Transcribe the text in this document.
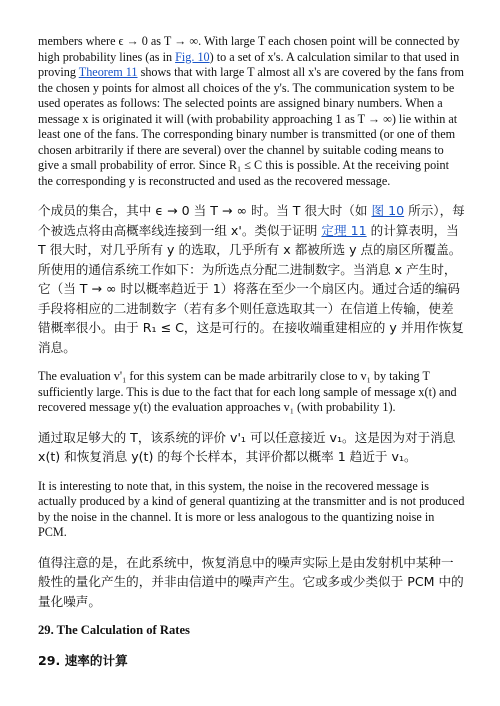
members where ϵ → 0 as T → ∞. With large T each chosen point will be connected by high probability lines (as in Fig. 10) to a set of x's. A calculation similar to that used in proving Theorem 11 shows that with large T almost all x's are covered by the fans from the chosen y points for almost all choices of the y's. The communication system to be used operates as follows: The selected points are assigned binary numbers. When a message x is originated it will (with probability approaching 1 as T → ∞) lie within at least one of the fans. The corresponding binary number is transmitted (or one of them chosen arbitrarily if there are several) over the channel by suitable coding means to give a small probability of error. Since R₁ ≤ C this is possible. At the receiving point the corresponding y is reconstructed and used as the recovered message.

个成员的集合，其中 ϵ → 0 当 T → ∞ 时。当 T 很大时（如 图 10 所示），每个被选点将由高概率线连接到一组 x'。类似于证明 定理 11 的计算表明，当 T 很大时，对几乎所有 y 的选取，几乎所有 x 都被所选 y 点的扇区所覆盖。所使用的通信系统工作如下：为所选点分配二进制数字。当消息 x 产生时，它（当 T → ∞ 时以概率趋近于 1）将落在至少一个扇区内。通过合适的编码手段将相应的二进制数字（若有多个则任意选取其一）在信道上传输，使差错概率很小。由于 R₁ ≤ C，这是可行的。在接收端重建相应的 y 并用作恢复消息。

The evaluation v'₁ for this system can be made arbitrarily close to v₁ by taking T sufficiently large. This is due to the fact that for each long sample of message x(t) and recovered message y(t) the evaluation approaches v₁ (with probability 1).

通过取足够大的 T，该系统的评价 v'₁ 可以任意接近 v₁。这是因为对于消息 x(t) 和恢复消息 y(t) 的每个长样本，其评价都以概率 1 趋近于 v₁。

It is interesting to note that, in this system, the noise in the recovered message is actually produced by a kind of general quantizing at the transmitter and is not produced by the noise in the channel. It is more or less analogous to the quantizing noise in PCM.

值得注意的是，在此系统中，恢复消息中的噪声实际上是由发射机中某种一般性的量化产生的，并非由信道中的噪声产生。它或多或少类似于 PCM 中的量化噪声。

29. The Calculation of Rates

29. 速率的计算
